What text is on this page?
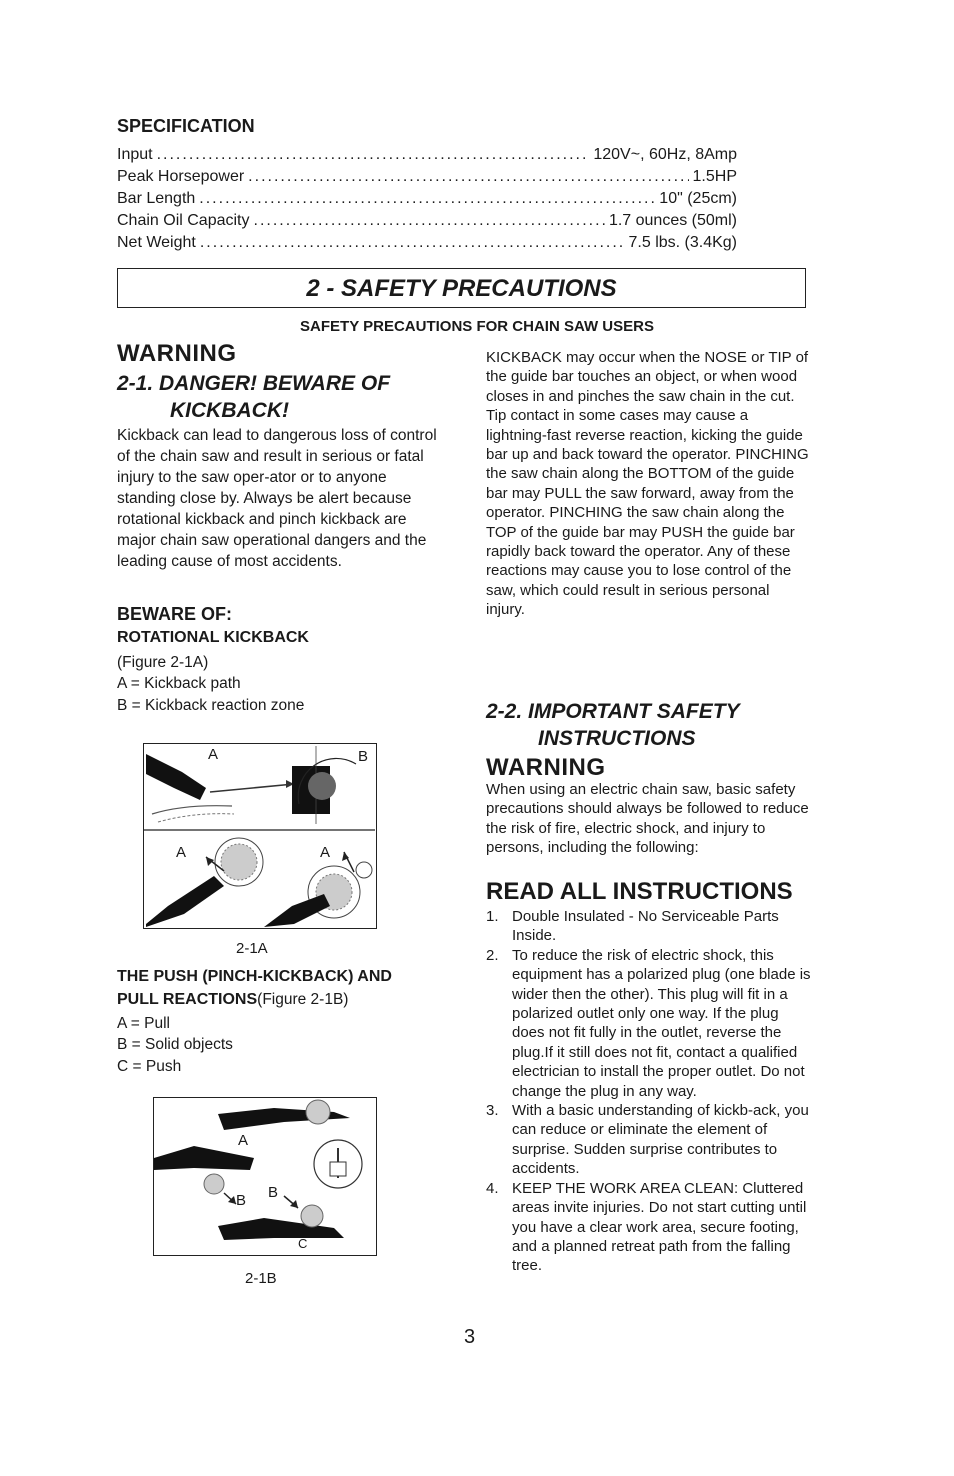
SPECIFICATION
Input .....	120V~, 60Hz, 8Amp
Peak Horsepower .....	1.5HP
Bar Length .....	10" (25cm)
Chain Oil Capacity .....	1.7 ounces (50ml)
Net Weight .....	7.5 lbs. (3.4Kg)
2 - SAFETY PRECAUTIONS
SAFETY PRECAUTIONS FOR CHAIN SAW USERS
WARNING
2-1. DANGER! BEWARE OF
KICKBACK!
Kickback can lead to dangerous loss of control of the chain saw and result in serious or fatal injury to the saw oper-ator or to anyone standing close by. Always be alert because rotational kickback and pinch kickback are major chain saw operational dangers and the leading cause of most accidents.
BEWARE OF:
ROTATIONAL KICKBACK
(Figure 2-1A)
A = Kickback path
B = Kickback reaction zone
A	B
A	A
2-1A
THE PUSH (PINCH-KICKBACK) AND
PULL REACTIONS(Figure 2-1B)
A = Pull
B = Solid objects
C = Push
A
B B
C
2-1B
KICKBACK may occur when the NOSE or TIP of the guide bar touches an object, or when wood closes in and pinches the saw chain in the cut. Tip contact in some cases may cause a lightning-fast reverse reaction, kicking the guide bar up and back toward the operator. PINCHING the saw chain along the BOTTOM of the guide bar may PULL the saw forward, away from the operator. PINCHING the saw chain along the TOP of the guide bar may PUSH the guide bar rapidly back toward the operator. Any of these reactions may cause you to lose control of the saw, which could result in serious personal injury.
2-2. IMPORTANT SAFETY
INSTRUCTIONS
WARNING
When using an electric chain saw, basic safety precautions should always be followed to reduce the risk of fire, electric shock, and injury to persons, including the following:
READ ALL INSTRUCTIONS
1. Double Insulated - No Serviceable Parts Inside.
2. To reduce the risk of electric shock, this equipment has a polarized plug (one blade is wider then the other). This plug will fit in a polarized outlet only one way. If the plug does not fit fully in the outlet, reverse the plug.If it still does not fit, contact a qualified electrician to install the proper outlet. Do not change the plug in any way.
3. With a basic understanding of kickb-ack, you can reduce or eliminate the element of surprise. Sudden surprise contributes to accidents.
4. KEEP THE WORK AREA CLEAN: Cluttered areas invite injuries. Do not start cutting until you have a clear work area, secure footing, and a planned retreat path from the falling tree.
3
